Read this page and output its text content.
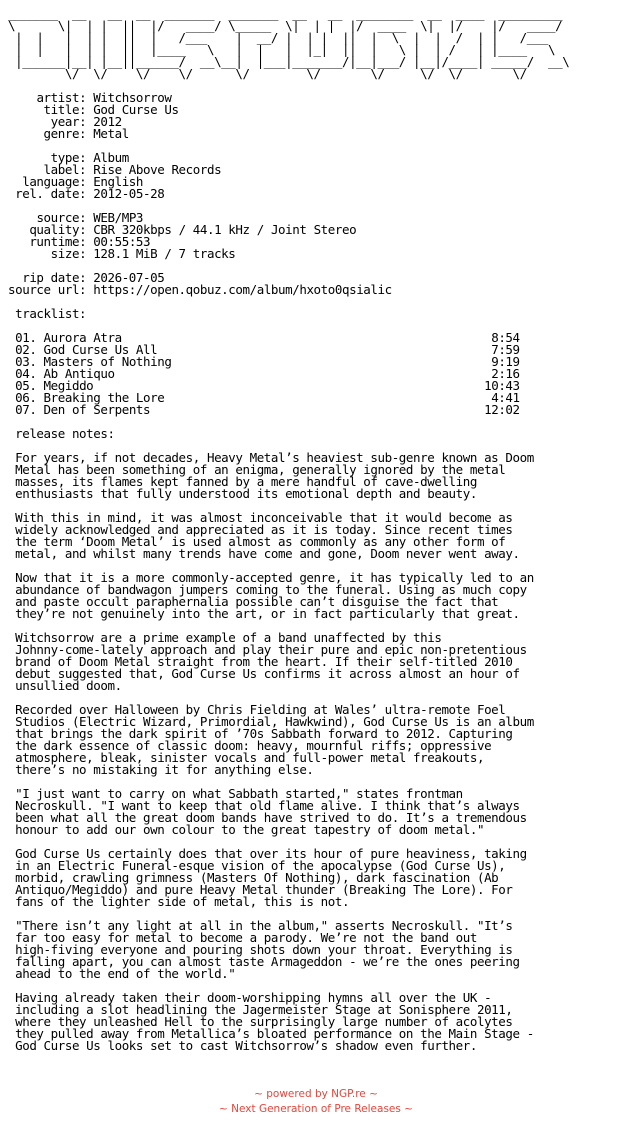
_______  __   __  __  _______  _______  __   __  ________  __  ____  _________
\      \|  | |  ||  |/   ____/ \_____  \|  | |  |/  ____  \|  |/    |/   ____/
|  |   |  | |  ||  |   /___    |  __/ |  | |  ||  |  \  |  |  /  | |   /___
|  |   |  | |  ||  |____   \   |  |   |  |_|  ||  |   \ |  | /   | |____   \
|______|__| |__||______/  __\__|  |___|_______/|__|___/ |__|/____| _____/  __\
\/  \/    \/    \/      \/        \/       \/     \/  \/       \/

artist: Witchsorrow
title: God Curse Us
year: 2012
genre: Metal

type: Album
label: Rise Above Records
language: English
rel. date: 2012-05-28

source: WEB/MP3
quality: CBR 320kbps / 44.1 kHz / Joint Stereo
runtime: 00:55:53
size: 128.1 MiB / 7 tracks

rip date: 2026-07-05
source url: https://open.qobuz.com/album/hxoto0qsialic

tracklist:

01. Aurora Atra	8:54
02. God Curse Us All	7:59
03. Masters of Nothing	9:19
04. Ab Antiquo	2:16
05. Megiddo	10:43
06. Breaking the Lore	4:41
07. Den of Serpents	12:02

release notes:

For years, if not decades, Heavy Metal’s heaviest sub-genre known as Doom
Metal has been something of an enigma, generally ignored by the metal
masses, its flames kept fanned by a mere handful of cave-dwelling
enthusiasts that fully understood its emotional depth and beauty.

With this in mind, it was almost inconceivable that it would become as
widely acknowledged and appreciated as it is today. Since recent times
the term ‘Doom Metal’ is used almost as commonly as any other form of
metal, and whilst many trends have come and gone, Doom never went away.

Now that it is a more commonly-accepted genre, it has typically led to an
abundance of bandwagon jumpers coming to the funeral. Using as much copy
and paste occult paraphernalia possible can’t disguise the fact that
they’re not genuinely into the art, or in fact particularly that great.

Witchsorrow are a prime example of a band unaffected by this
Johnny-come-lately approach and play their pure and epic non-pretentious
brand of Doom Metal straight from the heart. If their self-titled 2010
debut suggested that, God Curse Us confirms it across almost an hour of
unsullied doom.

Recorded over Halloween by Chris Fielding at Wales’ ultra-remote Foel
Studios (Electric Wizard, Primordial, Hawkwind), God Curse Us is an album
that brings the dark spirit of ’70s Sabbath forward to 2012. Capturing
the dark essence of classic doom: heavy, mournful riffs; oppressive
atmosphere, bleak, sinister vocals and full-power metal freakouts,
there’s no mistaking it for anything else.

"I just want to carry on what Sabbath started," states frontman
Necroskull. "I want to keep that old flame alive. I think that’s always
been what all the great doom bands have strived to do. It’s a tremendous
honour to add our own colour to the great tapestry of doom metal."

God Curse Us certainly does that over its hour of pure heaviness, taking
in an Electric Funeral-esque vision of the apocalypse (God Curse Us),
morbid, crawling grimness (Masters Of Nothing), dark fascination (Ab
Antiquo/Megiddo) and pure Heavy Metal thunder (Breaking The Lore). For
fans of the lighter side of metal, this is not.

"There isn’t any light at all in the album," asserts Necroskull. "It’s
far too easy for metal to become a parody. We’re not the band out
high-fiving everyone and pouring shots down your throat. Everything is
falling apart, you can almost taste Armageddon - we’re the ones peering
ahead to the end of the world."

Having already taken their doom-worshipping hymns all over the UK -
including a slot headlining the Jagermeister Stage at Sonisphere 2011,
where they unleashed Hell to the surprisingly large number of acolytes
they pulled away from Metallica’s bloated performance on the Main Stage -
God Curse Us looks set to cast Witchsorrow’s shadow even further.

~ powered by NGP.re ~
~ Next Generation of Pre Releases ~
